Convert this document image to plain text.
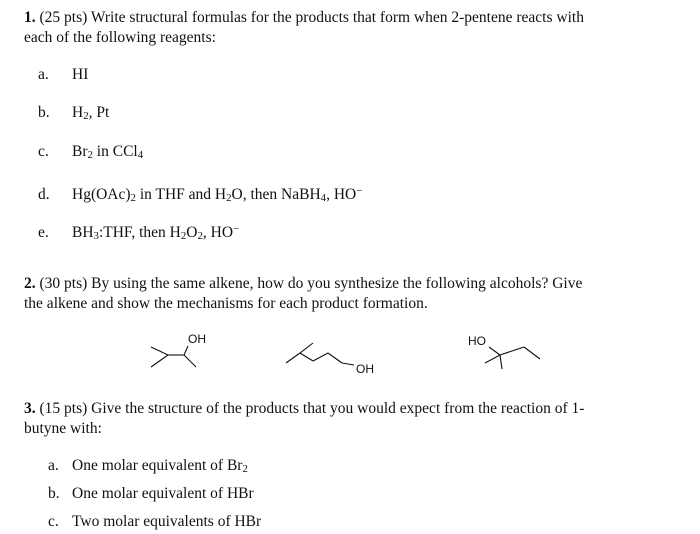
1. (25 pts) Write structural formulas for the products that form when 2-pentene reacts with
each of the following reagents:
a. HI
b. $H_2$, Pt
c. $Br_2$ in CCl$_4$
d. $Hg(OAc)_2$ in THF and $H_2O$, then NaBH$_4$, HO−
e. $BH_3:THF$, then $H_2O_2$, HO−
2. (30 pts) By using the same alkene, how do you synthesize the following alcohols? Give
the alkene and show the mechanisms for each product formation.
OH
OH
HO
3. (15 pts) Give the structure of the products that you would expect from the reaction of 1-
butyne with:
a. One molar equivalent of $Br_2$
b. One molar equivalent of HBr
c. Two molar equivalents of HBr
